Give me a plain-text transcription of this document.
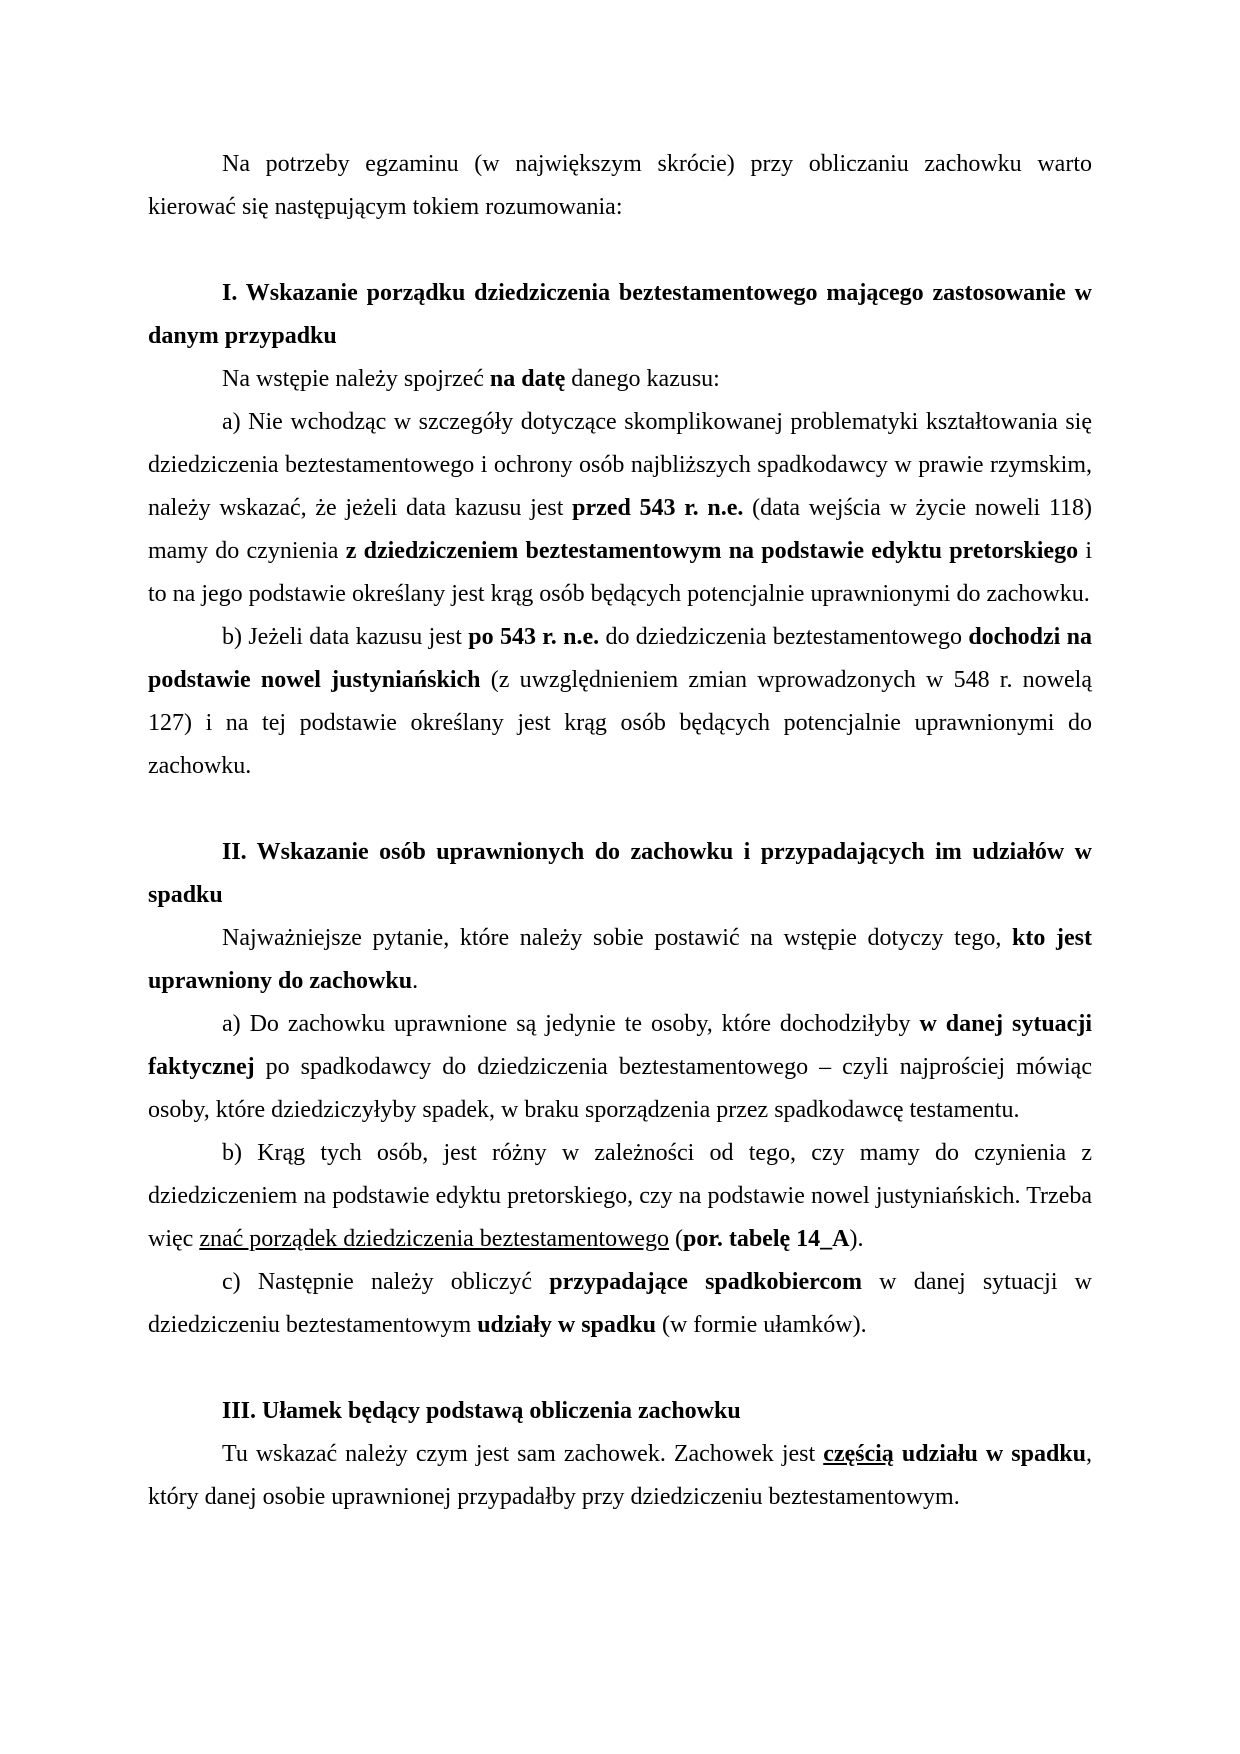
Na potrzeby egzaminu (w największym skrócie) przy obliczaniu zachowku warto kierować się następującym tokiem rozumowania:

I. Wskazanie porządku dziedziczenia beztestamentowego mającego zastosowanie w danym przypadku

Na wstępie należy spojrzeć na datę danego kazusu:

a) Nie wchodząc w szczegóły dotyczące skomplikowanej problematyki kształtowania się dziedziczenia beztestamentowego i ochrony osób najbliższych spadkodawcy w prawie rzymskim, należy wskazać, że jeżeli data kazusu jest przed 543 r. n.e. (data wejścia w życie noweli 118) mamy do czynienia z dziedziczeniem beztestamentowym na podstawie edyktu pretorskiego i to na jego podstawie określany jest krąg osób będących potencjalnie uprawnionymi do zachowku.

b) Jeżeli data kazusu jest po 543 r. n.e. do dziedziczenia beztestamentowego dochodzi na podstawie nowel justyniańskich (z uwzględnieniem zmian wprowadzonych w 548 r. nowelą 127) i na tej podstawie określany jest krąg osób będących potencjalnie uprawnionymi do zachowku.

II. Wskazanie osób uprawnionych do zachowku i przypadających im udziałów w spadku

Najważniejsze pytanie, które należy sobie postawić na wstępie dotyczy tego, kto jest uprawniony do zachowku.

a) Do zachowku uprawnione są jedynie te osoby, które dochodziłyby w danej sytuacji faktycznej po spadkodawcy do dziedziczenia beztestamentowego – czyli najprościej mówiąc osoby, które dziedziczyłyby spadek, w braku sporządzenia przez spadkodawcę testamentu.

b) Krąg tych osób, jest różny w zależności od tego, czy mamy do czynienia z dziedziczeniem na podstawie edyktu pretorskiego, czy na podstawie nowel justyniańskich. Trzeba więc znać porządek dziedziczenia beztestamentowego (por. tabelę 14_A).

c) Następnie należy obliczyć przypadające spadkobiercom w danej sytuacji w dziedziczeniu beztestamentowym udziały w spadku (w formie ułamków).

III. Ułamek będący podstawą obliczenia zachowku

Tu wskazać należy czym jest sam zachowek. Zachowek jest częścią udziału w spadku, który danej osobie uprawnionej przypadałby przy dziedziczeniu beztestamentowym.
